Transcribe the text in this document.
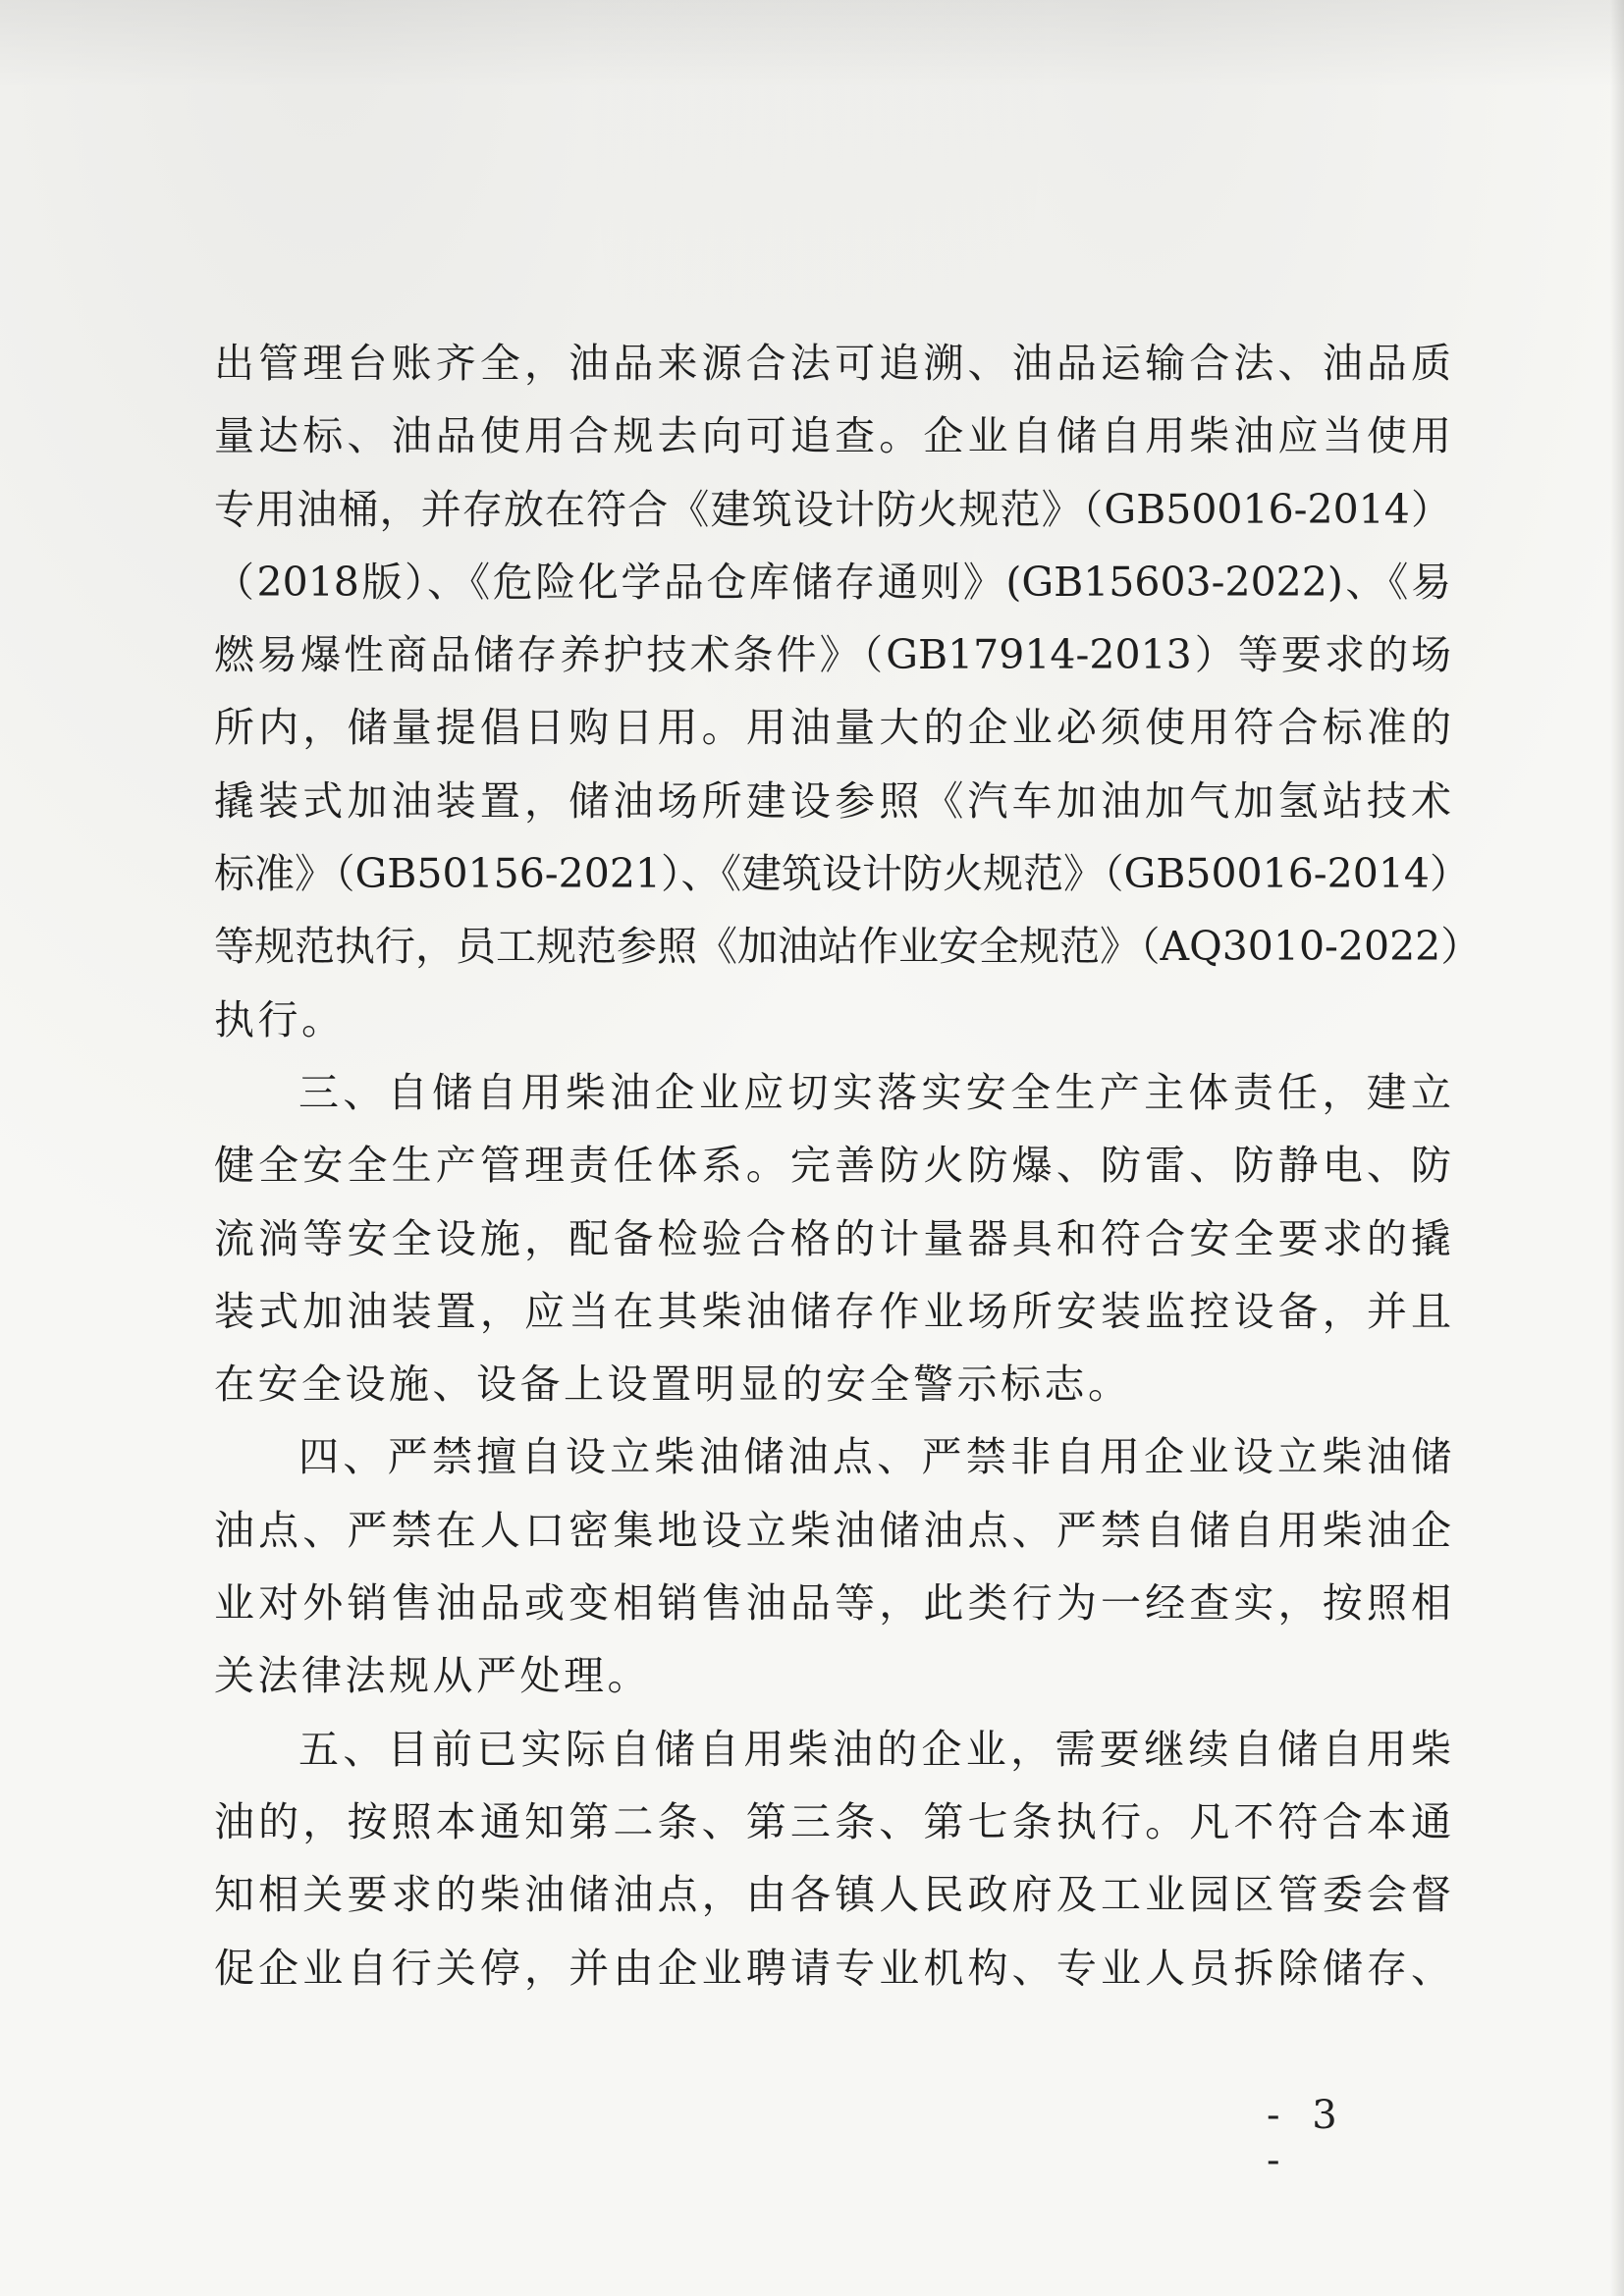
出管理台账齐全，油品来源合法可追溯、油品运输合法、油品质
量达标、油品使用合规去向可追查。企业自储自用柴油应当使用
专用油桶，并存放在符合《建筑设计防火规范》（GB50016-2014）
（2018版）、《危险化学品仓库储存通则》(GB15603-2022)、《易
燃易爆性商品储存养护技术条件》（GB17914-2013）等要求的场
所内，储量提倡日购日用。用油量大的企业必须使用符合标准的
撬装式加油装置，储油场所建设参照《汽车加油加气加氢站技术
标准》（GB50156-2021）、《建筑设计防火规范》（GB50016-2014）
等规范执行，员工规范参照《加油站作业安全规范》（AQ3010-2022）
执行。
三、自储自用柴油企业应切实落实安全生产主体责任，建立
健全安全生产管理责任体系。完善防火防爆、防雷、防静电、防
流淌等安全设施，配备检验合格的计量器具和符合安全要求的撬
装式加油装置，应当在其柴油储存作业场所安装监控设备，并且
在安全设施、设备上设置明显的安全警示标志。
四、严禁擅自设立柴油储油点、严禁非自用企业设立柴油储
油点、严禁在人口密集地设立柴油储油点、严禁自储自用柴油企
业对外销售油品或变相销售油品等，此类行为一经查实，按照相
关法律法规从严处理。
五、目前已实际自储自用柴油的企业，需要继续自储自用柴
油的，按照本通知第二条、第三条、第七条执行。凡不符合本通
知相关要求的柴油储油点，由各镇人民政府及工业园区管委会督
促企业自行关停，并由企业聘请专业机构、专业人员拆除储存、
- 3 -
